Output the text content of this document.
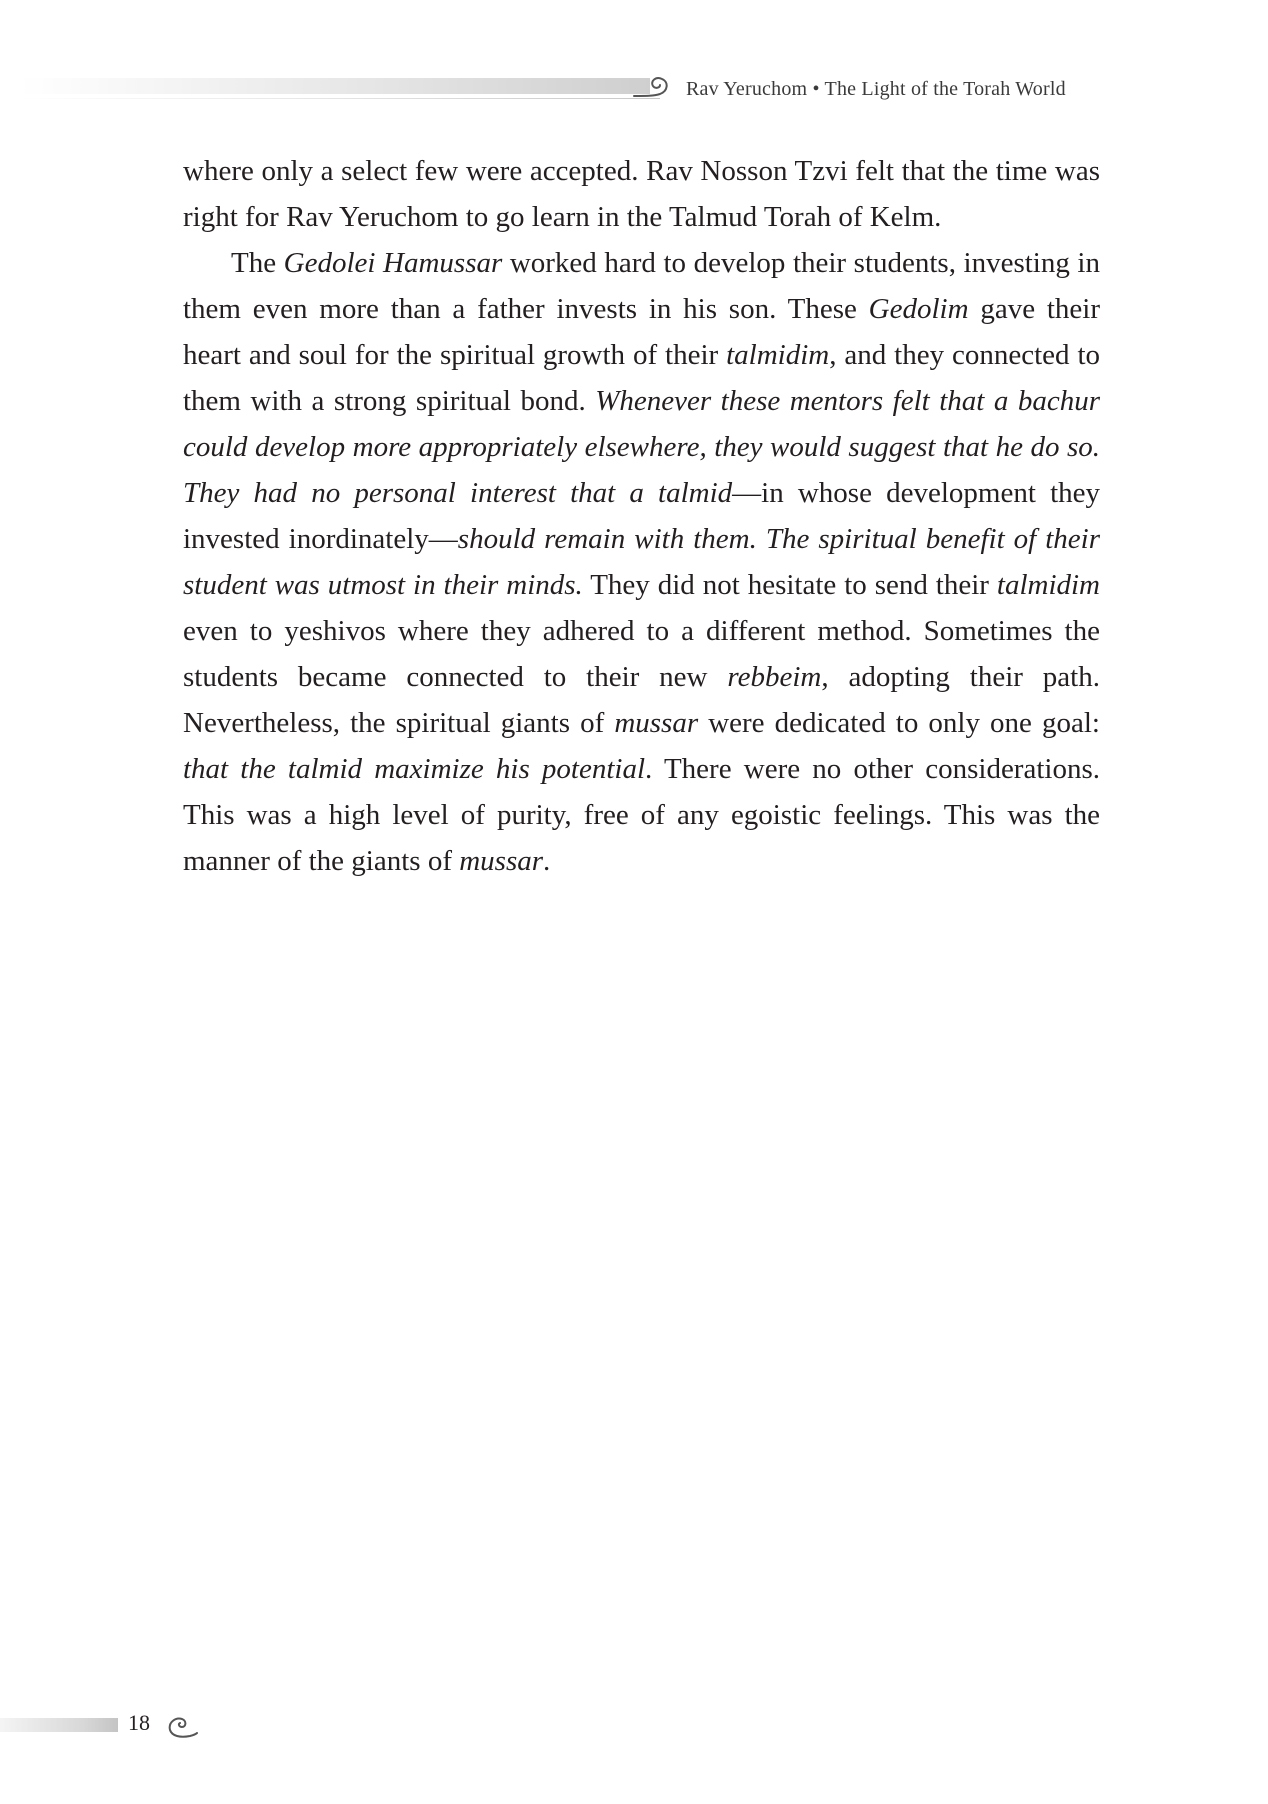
Rav Yeruchom • The Light of the Torah World

where only a select few were accepted. Rav Nosson Tzvi felt that the time was right for Rav Yeruchom to go learn in the Talmud Torah of Kelm.

The Gedolei Hamussar worked hard to develop their students, investing in them even more than a father invests in his son. These Gedolim gave their heart and soul for the spiritual growth of their talmidim, and they connected to them with a strong spiritual bond. Whenever these mentors felt that a bachur could develop more appropriately elsewhere, they would suggest that he do so. They had no personal interest that a talmid—in whose development they invested inordinately—should remain with them. The spiritual benefit of their student was utmost in their minds. They did not hesitate to send their talmidim even to yeshivos where they adhered to a different method. Sometimes the students became connected to their new rebbeim, adopting their path. Nevertheless, the spiritual giants of mussar were dedicated to only one goal: that the talmid maximize his potential. There were no other considerations. This was a high level of purity, free of any egoistic feelings. This was the manner of the giants of mussar.

18
